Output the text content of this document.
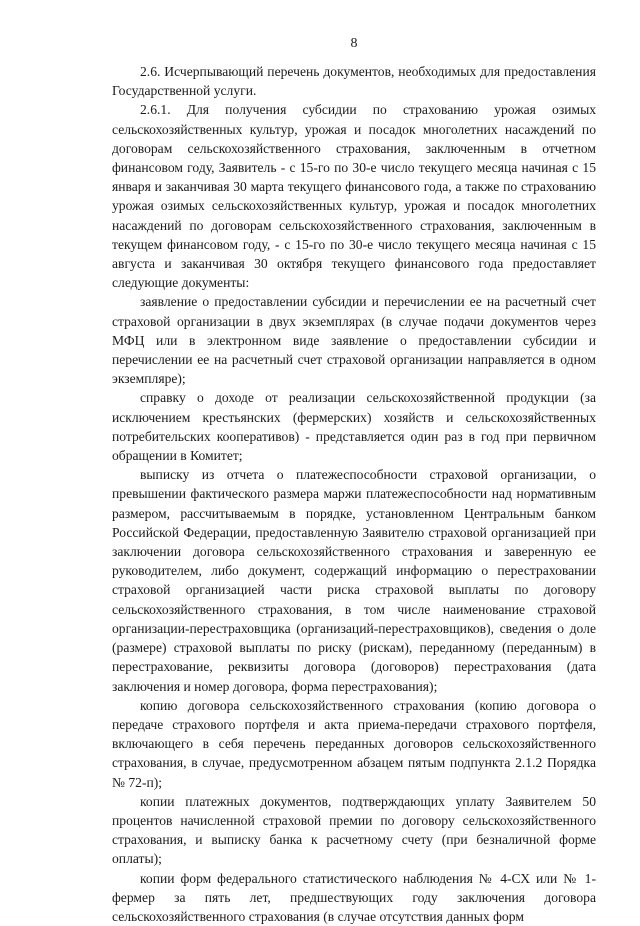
8

2.6. Исчерпывающий перечень документов, необходимых для предоставления Государственной услуги.

2.6.1. Для получения субсидии по страхованию урожая озимых сельскохозяйственных культур, урожая и посадок многолетних насаждений по договорам сельскохозяйственного страхования, заключенным в отчетном финансовом году, Заявитель - с 15-го по 30-е число текущего месяца начиная с 15 января и заканчивая 30 марта текущего финансового года, а также по страхованию урожая озимых сельскохозяйственных культур, урожая и посадок многолетних насаждений по договорам сельскохозяйственного страхования, заключенным в текущем финансовом году, - с 15-го по 30-е число текущего месяца начиная с 15 августа и заканчивая 30 октября текущего финансового года предоставляет следующие документы:

заявление о предоставлении субсидии и перечислении ее на расчетный счет страховой организации в двух экземплярах (в случае подачи документов через МФЦ или в электронном виде заявление о предоставлении субсидии и перечислении ее на расчетный счет страховой организации направляется в одном экземпляре);

справку о доходе от реализации сельскохозяйственной продукции (за исключением крестьянских (фермерских) хозяйств и сельскохозяйственных потребительских кооперативов) - представляется один раз в год при первичном обращении в Комитет;

выписку из отчета о платежеспособности страховой организации, о превышении фактического размера маржи платежеспособности над нормативным размером, рассчитываемым в порядке, установленном Центральным банком Российской Федерации, предоставленную Заявителю страховой организацией при заключении договора сельскохозяйственного страхования и заверенную ее руководителем, либо документ, содержащий информацию о перестраховании страховой организацией части риска страховой выплаты по договору сельскохозяйственного страхования, в том числе наименование страховой организации-перестраховщика (организаций-перестраховщиков), сведения о доле (размере) страховой выплаты по риску (рискам), переданному (переданным) в перестрахование, реквизиты договора (договоров) перестрахования (дата заключения и номер договора, форма перестрахования);

копию договора сельскохозяйственного страхования (копию договора о передаче страхового портфеля и акта приема-передачи страхового портфеля, включающего в себя перечень переданных договоров сельскохозяйственного страхования, в случае, предусмотренном абзацем пятым подпункта 2.1.2 Порядка № 72-п);

копии платежных документов, подтверждающих уплату Заявителем 50 процентов начисленной страховой премии по договору сельскохозяйственного страхования, и выписку банка к расчетному счету (при безналичной форме оплаты);

копии форм федерального статистического наблюдения № 4-СХ или № 1-фермер за пять лет, предшествующих году заключения договора сельскохозяйственного страхования (в случае отсутствия данных форм
